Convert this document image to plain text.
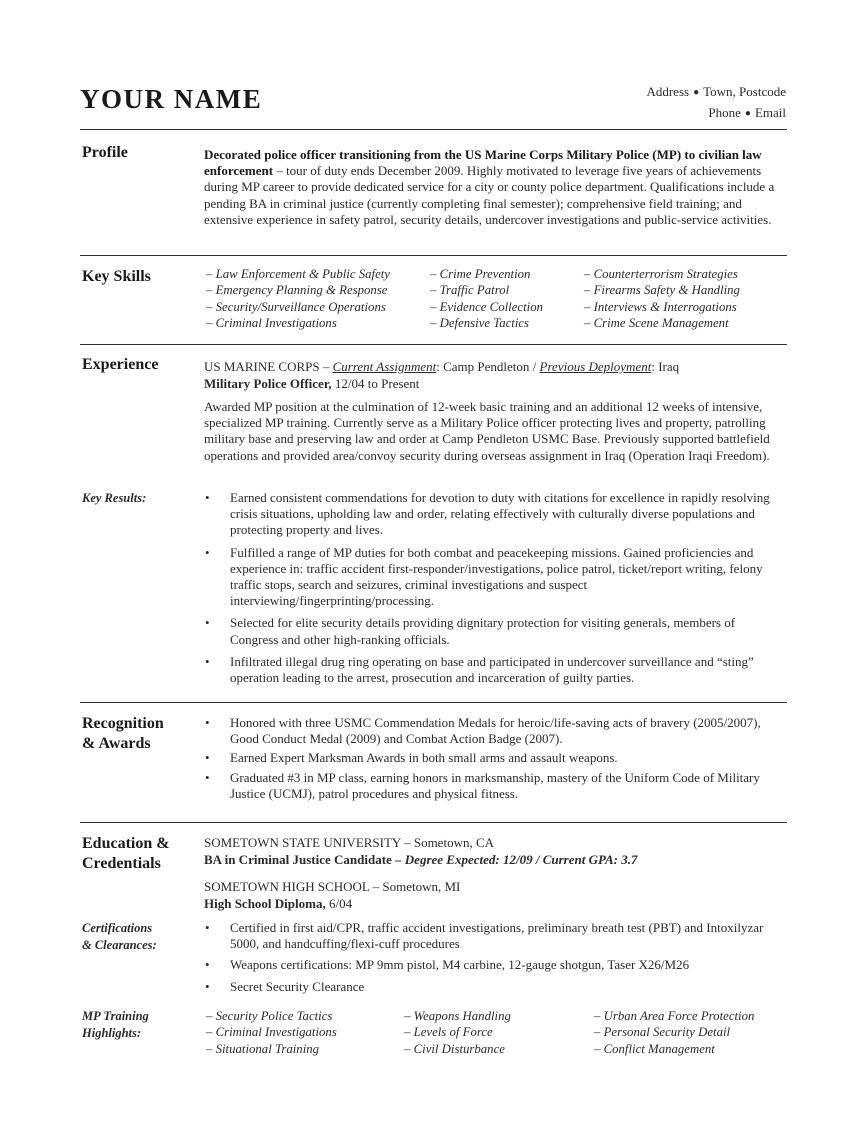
YOUR NAME	Address ● Town, Postcode
Phone ● Email
Profile	Decorated police officer transitioning from the US Marine Corps Military Police (MP) to civilian law enforcement – tour of duty ends December 2009. Highly motivated to leverage five years of achievements during MP career to provide dedicated service for a city or county police department. Qualifications include a pending BA in criminal justice (currently completing final semester); comprehensive field training; and extensive experience in safety patrol, security details, undercover investigations and public-service activities.
Key Skills	– Law Enforcement & Public Safety	– Crime Prevention	– Counterterrorism Strategies
– Emergency Planning & Response	– Traffic Patrol	– Firearms Safety & Handling
– Security/Surveillance Operations	– Evidence Collection	– Interviews & Interrogations
– Criminal Investigations	– Defensive Tactics	– Crime Scene Management
Experience	US MARINE CORPS – Current Assignment: Camp Pendleton / Previous Deployment: Iraq
Military Police Officer, 12/04 to Present
Awarded MP position at the culmination of 12-week basic training and an additional 12 weeks of intensive, specialized MP training. Currently serve as a Military Police officer protecting lives and property, patrolling military base and preserving law and order at Camp Pendleton USMC Base. Previously supported battlefield operations and provided area/convoy security during overseas assignment in Iraq (Operation Iraqi Freedom).
Key Results:	• Earned consistent commendations for devotion to duty with citations for excellence in rapidly resolving crisis situations, upholding law and order, relating effectively with culturally diverse populations and protecting property and lives.
• Fulfilled a range of MP duties for both combat and peacekeeping missions. Gained proficiencies and experience in: traffic accident first-responder/investigations, police patrol, ticket/report writing, felony traffic stops, search and seizures, criminal investigations and suspect interviewing/fingerprinting/processing.
• Selected for elite security details providing dignitary protection for visiting generals, members of Congress and other high-ranking officials.
• Infiltrated illegal drug ring operating on base and participated in undercover surveillance and “sting” operation leading to the arrest, prosecution and incarceration of guilty parties.
Recognition
& Awards
• Honored with three USMC Commendation Medals for heroic/life-saving acts of bravery (2005/2007), Good Conduct Medal (2009) and Combat Action Badge (2007).
• Earned Expert Marksman Awards in both small arms and assault weapons.
• Graduated #3 in MP class, earning honors in marksmanship, mastery of the Uniform Code of Military Justice (UCMJ), patrol procedures and physical fitness.
Education &
Credentials
SOMETOWN STATE UNIVERSITY – Sometown, CA
BA in Criminal Justice Candidate – Degree Expected: 12/09 / Current GPA: 3.7
SOMETOWN HIGH SCHOOL – Sometown, MI
High School Diploma, 6/04
Certifications
& Clearances:
• Certified in first aid/CPR, traffic accident investigations, preliminary breath test (PBT) and Intoxilyzar 5000, and handcuffing/flexi-cuff procedures
• Weapons certifications: MP 9mm pistol, M4 carbine, 12-gauge shotgun, Taser X26/M26
• Secret Security Clearance
MP Training
Highlights:
– Security Police Tactics	– Weapons Handling	– Urban Area Force Protection
– Criminal Investigations	– Levels of Force	– Personal Security Detail
– Situational Training	– Civil Disturbance	– Conflict Management
